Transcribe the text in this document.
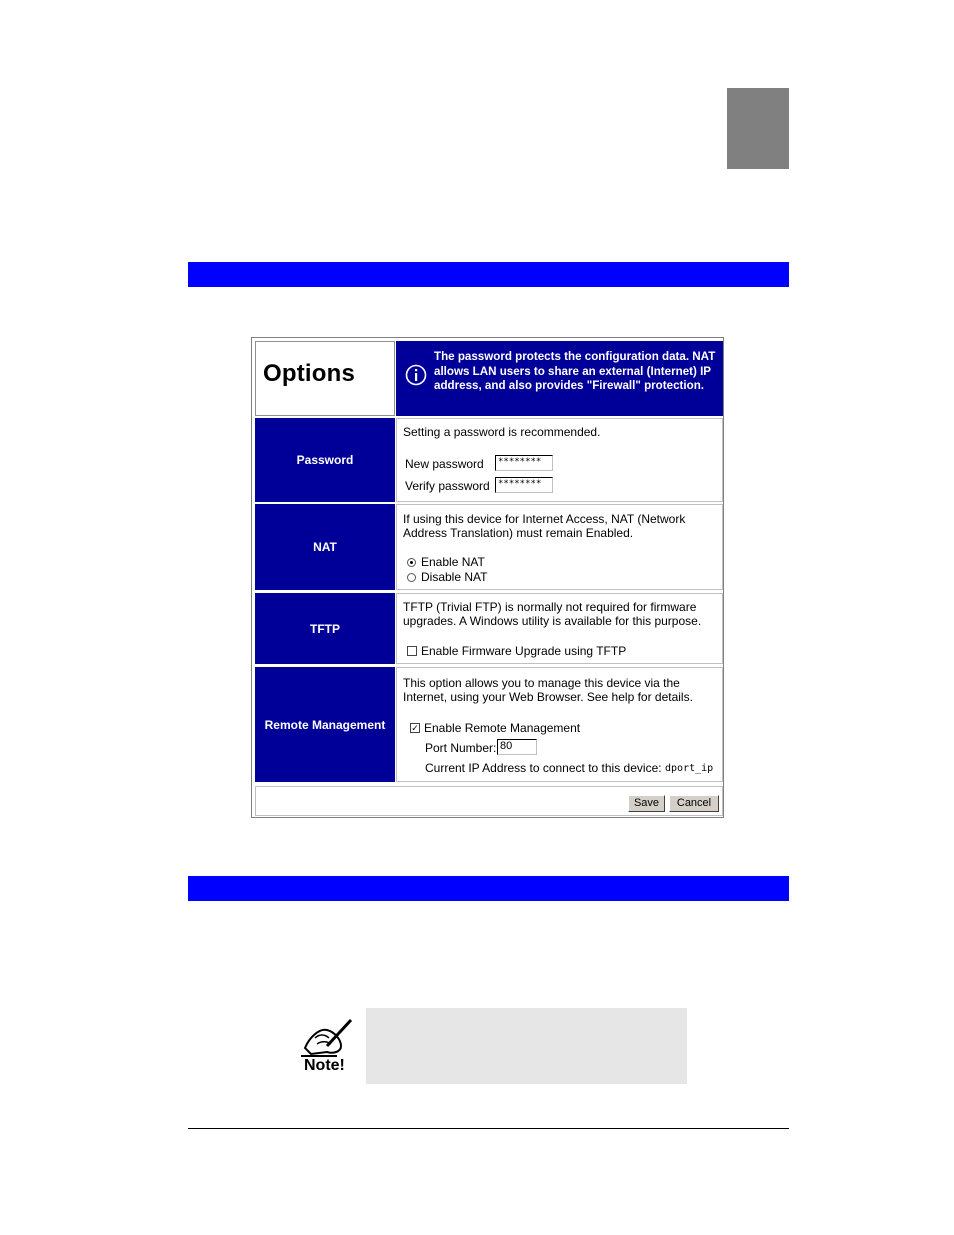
Options
The password protects the configuration data. NAT allows LAN users to share an external (Internet) IP address, and also provides "Firewall" protection.
Password
Setting a password is recommended.
New password	********
Verify password ********
NAT
If using this device for Internet Access, NAT (Network
Address Translation) must remain Enabled.
Enable NAT
Disable NAT
TFTP
TFTP (Trivial FTP) is normally not required for firmware
upgrades. A Windows utility is available for this purpose.
Enable Firmware Upgrade using TFTP
Remote Management
This option allows you to manage this device via the
Internet, using your Web Browser. See help for details.
✓ Enable Remote Management
Port Number: 80
Current IP Address to connect to this device: dport_ip
Save	Cancel
Note!
